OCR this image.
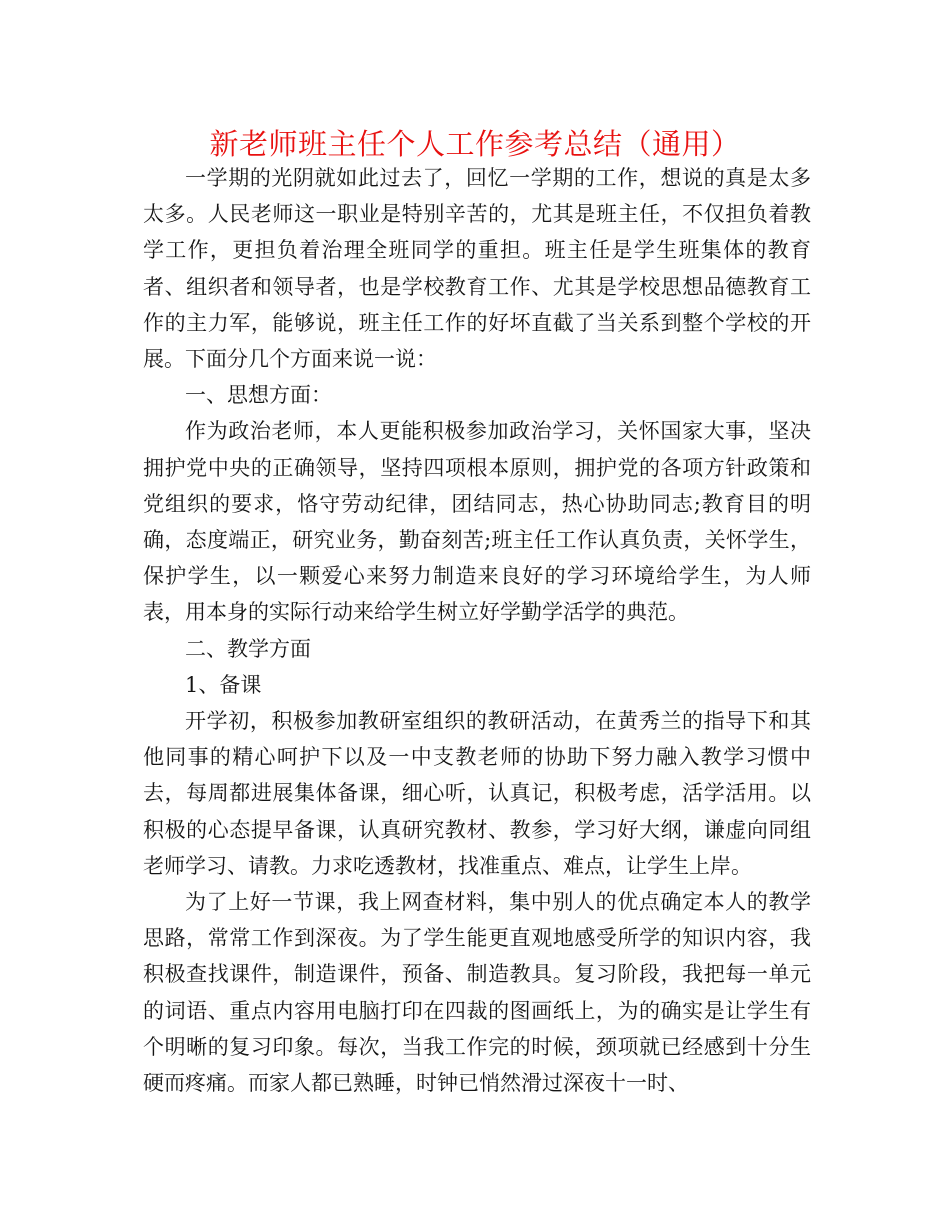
新老师班主任个人工作参考总结（通用）

一学期的光阴就如此过去了，回忆一学期的工作，想说的真是太多太多。人民老师这一职业是特别辛苦的，尤其是班主任，不仅担负着教学工作，更担负着治理全班同学的重担。班主任是学生班集体的教育者、组织者和领导者，也是学校教育工作、尤其是学校思想品德教育工作的主力军，能够说，班主任工作的好坏直截了当关系到整个学校的开展。下面分几个方面来说一说：

一、思想方面：

作为政治老师，本人更能积极参加政治学习，关怀国家大事，坚决拥护党中央的正确领导，坚持四项根本原则，拥护党的各项方针政策和党组织的要求，恪守劳动纪律，团结同志，热心协助同志;教育目的明确，态度端正，研究业务，勤奋刻苦;班主任工作认真负责，关怀学生，保护学生，以一颗爱心来努力制造来良好的学习环境给学生，为人师表，用本身的实际行动来给学生树立好学勤学活学的典范。

二、教学方面

1、备课

开学初，积极参加教研室组织的教研活动，在黄秀兰的指导下和其他同事的精心呵护下以及一中支教老师的协助下努力融入教学习惯中去，每周都进展集体备课，细心听，认真记，积极考虑，活学活用。以积极的心态提早备课，认真研究教材、教参，学习好大纲，谦虚向同组老师学习、请教。力求吃透教材，找准重点、难点，让学生上岸。

为了上好一节课，我上网查材料，集中别人的优点确定本人的教学思路，常常工作到深夜。为了学生能更直观地感受所学的知识内容，我积极查找课件，制造课件，预备、制造教具。复习阶段，我把每一单元的词语、重点内容用电脑打印在四裁的图画纸上，为的确实是让学生有个明晰的复习印象。每次，当我工作完的时候，颈项就已经感到十分生硬而疼痛。而家人都已熟睡，时钟已悄然滑过深夜十一时、
